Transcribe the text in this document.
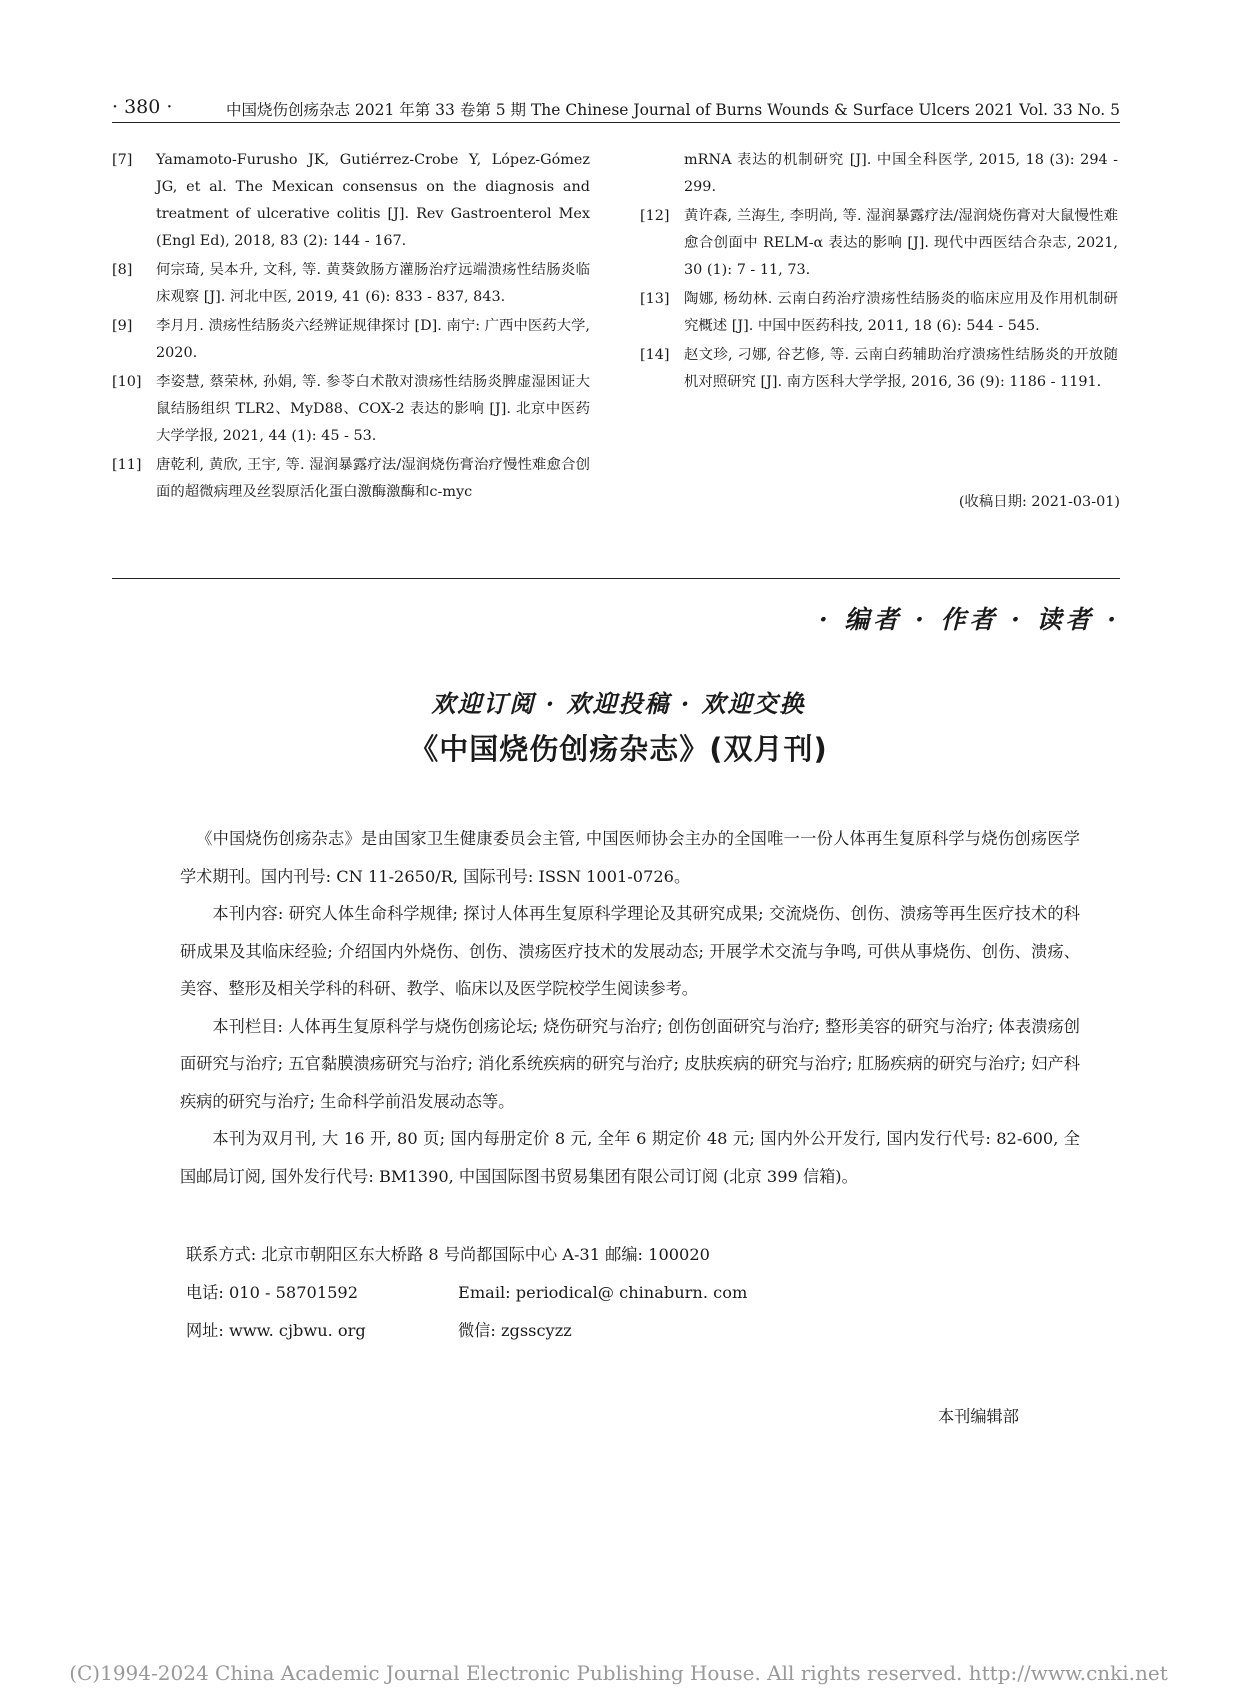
· 380 ·	中国烧伤创疡杂志 2021 年第 33 卷第 5 期 The Chinese Journal of Burns Wounds & Surface Ulcers 2021 Vol. 33 No. 5
[7] Yamamoto-Furusho JK, Gutiérrez-Crobe Y, López-Gómez JG, et al. The Mexican consensus on the diagnosis and treatment of ulcerative colitis [J]. Rev Gastroenterol Mex (Engl Ed), 2018, 83 (2): 144 - 167.
[8] 何宗琦, 吴本升, 文科, 等. 黄葵敛肠方灌肠治疗远端溃疡性结肠炎临床观察 [J]. 河北中医, 2019, 41 (6): 833 - 837, 843.
[9] 李月月. 溃疡性结肠炎六经辨证规律探讨 [D]. 南宁: 广西中医药大学, 2020.
[10] 李姿慧, 蔡荣林, 孙娟, 等. 参苓白术散对溃疡性结肠炎脾虚湿困证大鼠结肠组织 TLR2、MyD88、COX-2 表达的影响 [J]. 北京中医药大学学报, 2021, 44 (1): 45 - 53.
[11] 唐乾利, 黄欣, 王宇, 等. 湿润暴露疗法/湿润烧伤膏治疗慢性难愈合创面的超微病理及丝裂原活化蛋白激酶激酶和c-myc
mRNA 表达的机制研究 [J]. 中国全科医学, 2015, 18 (3): 294 - 299.
[12] 黄许森, 兰海生, 李明尚, 等. 湿润暴露疗法/湿润烧伤膏对大鼠慢性难愈合创面中 RELM-α 表达的影响 [J]. 现代中西医结合杂志, 2021, 30 (1): 7 - 11, 73.
[13] 陶娜, 杨幼林. 云南白药治疗溃疡性结肠炎的临床应用及作用机制研究概述 [J]. 中国中医药科技, 2011, 18 (6): 544 - 545.
[14] 赵文珍, 刁娜, 谷艺修, 等. 云南白药辅助治疗溃疡性结肠炎的开放随机对照研究 [J]. 南方医科大学学报, 2016, 36 (9): 1186 - 1191.
(收稿日期: 2021-03-01)
· 编者 · 作者 · 读者 ·
欢迎订阅 · 欢迎投稿 · 欢迎交换
《中国烧伤创疡杂志》(双月刊)

《中国烧伤创疡杂志》是由国家卫生健康委员会主管, 中国医师协会主办的全国唯一一份人体再生复原科学与烧伤创疡医学学术期刊。国内刊号: CN 11-2650/R, 国际刊号: ISSN 1001-0726。

本刊内容: 研究人体生命科学规律; 探讨人体再生复原科学理论及其研究成果; 交流烧伤、创伤、溃疡等再生医疗技术的科研成果及其临床经验; 介绍国内外烧伤、创伤、溃疡医疗技术的发展动态; 开展学术交流与争鸣, 可供从事烧伤、创伤、溃疡、美容、整形及相关学科的科研、教学、临床以及医学院校学生阅读参考。

本刊栏目: 人体再生复原科学与烧伤创疡论坛; 烧伤研究与治疗; 创伤创面研究与治疗; 整形美容的研究与治疗; 体表溃疡创面研究与治疗; 五官黏膜溃疡研究与治疗; 消化系统疾病的研究与治疗; 皮肤疾病的研究与治疗; 肛肠疾病的研究与治疗; 妇产科疾病的研究与治疗; 生命科学前沿发展动态等。

本刊为双月刊, 大 16 开, 80 页; 国内每册定价 8 元, 全年 6 期定价 48 元; 国内外公开发行, 国内发行代号: 82-600, 全国邮局订阅, 国外发行代号: BM1390, 中国国际图书贸易集团有限公司订阅 (北京 399 信箱)。

联系方式: 北京市朝阳区东大桥路 8 号尚都国际中心 A-31 邮编: 100020
电话: 010 - 58701592	Email: periodical@ chinaburn. com
网址: www. cjbwu. org	微信: zgsscyzz
本刊编辑部
(C)1994-2024 China Academic Journal Electronic Publishing House. All rights reserved. http://www.cnki.net
